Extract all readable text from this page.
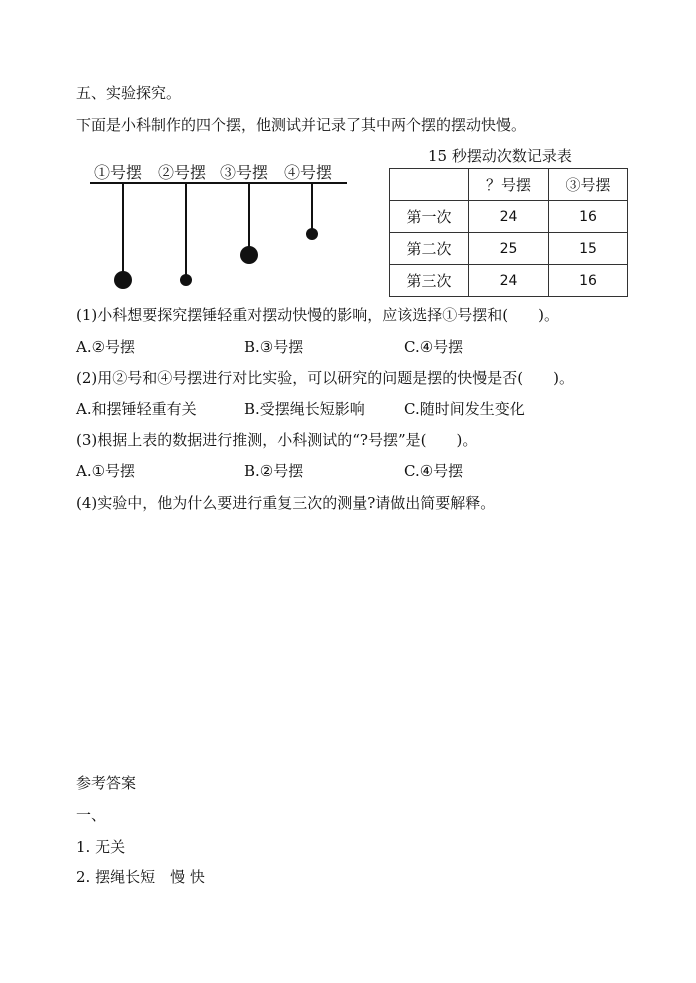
五、实验探究。
下面是小科制作的四个摆，他测试并记录了其中两个摆的摆动快慢。
①号摆 ②号摆 ③号摆 ④号摆
15 秒摆动次数记录表
	？号摆	③号摆
第一次	24	16
第二次	25	15
第三次	24	16
(1)小科想要探究摆锤轻重对摆动快慢的影响，应该选择①号摆和(　　)。
A.②号摆	B.③号摆	C.④号摆
(2)用②号和④号摆进行对比实验，可以研究的问题是摆的快慢是否(　　)。
A.和摆锤轻重有关	B.受摆绳长短影响	C.随时间发生变化
(3)根据上表的数据进行推测，小科测试的“?号摆”是(　　)。
A.①号摆	B.②号摆	C.④号摆
(4)实验中，他为什么要进行重复三次的测量?请做出简要解释。
参考答案
一、
1. 无关
2. 摆绳长短　慢 快
